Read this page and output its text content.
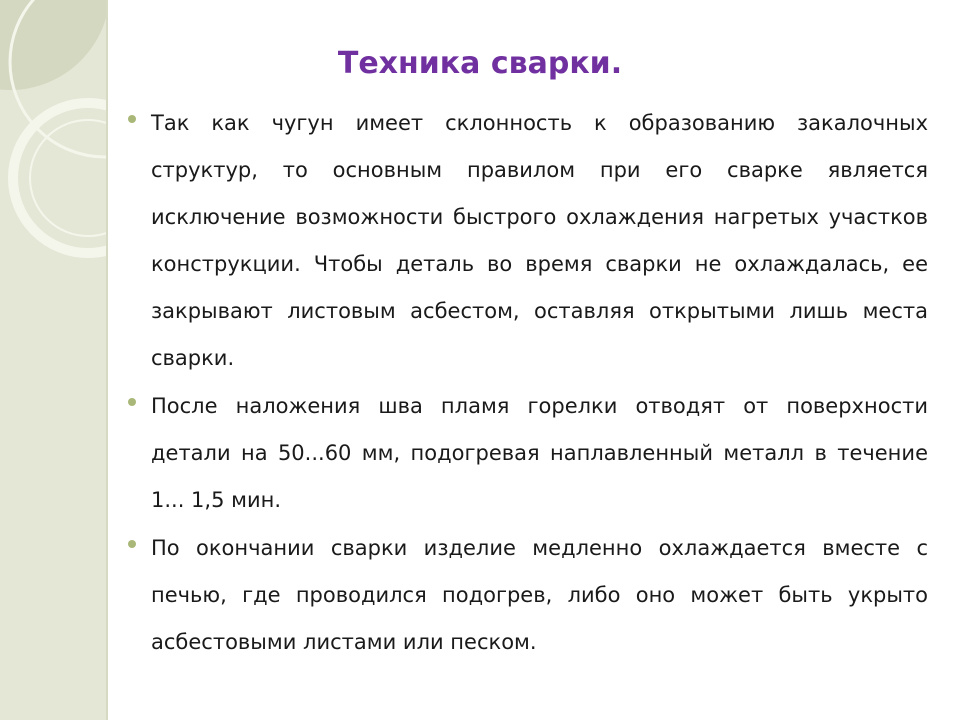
Техника сварки.
Так как чугун имеет склонность к образованию закалочных структур, то основным правилом при его сварке является исключение возможности быстрого охлаждения нагретых участков конструкции. Чтобы деталь во время сварки не охлаждалась, ее закрывают листовым асбестом, оставляя открытыми лишь места сварки.
После наложения шва пламя горелки отводят от поверхности детали на 50...60 мм, подогревая наплавленный металл в течение 1... 1,5 мин.
По окончании сварки изделие медленно охлаждается вместе с печью, где проводился подогрев, либо оно может быть укрыто асбестовыми листами или песком.
